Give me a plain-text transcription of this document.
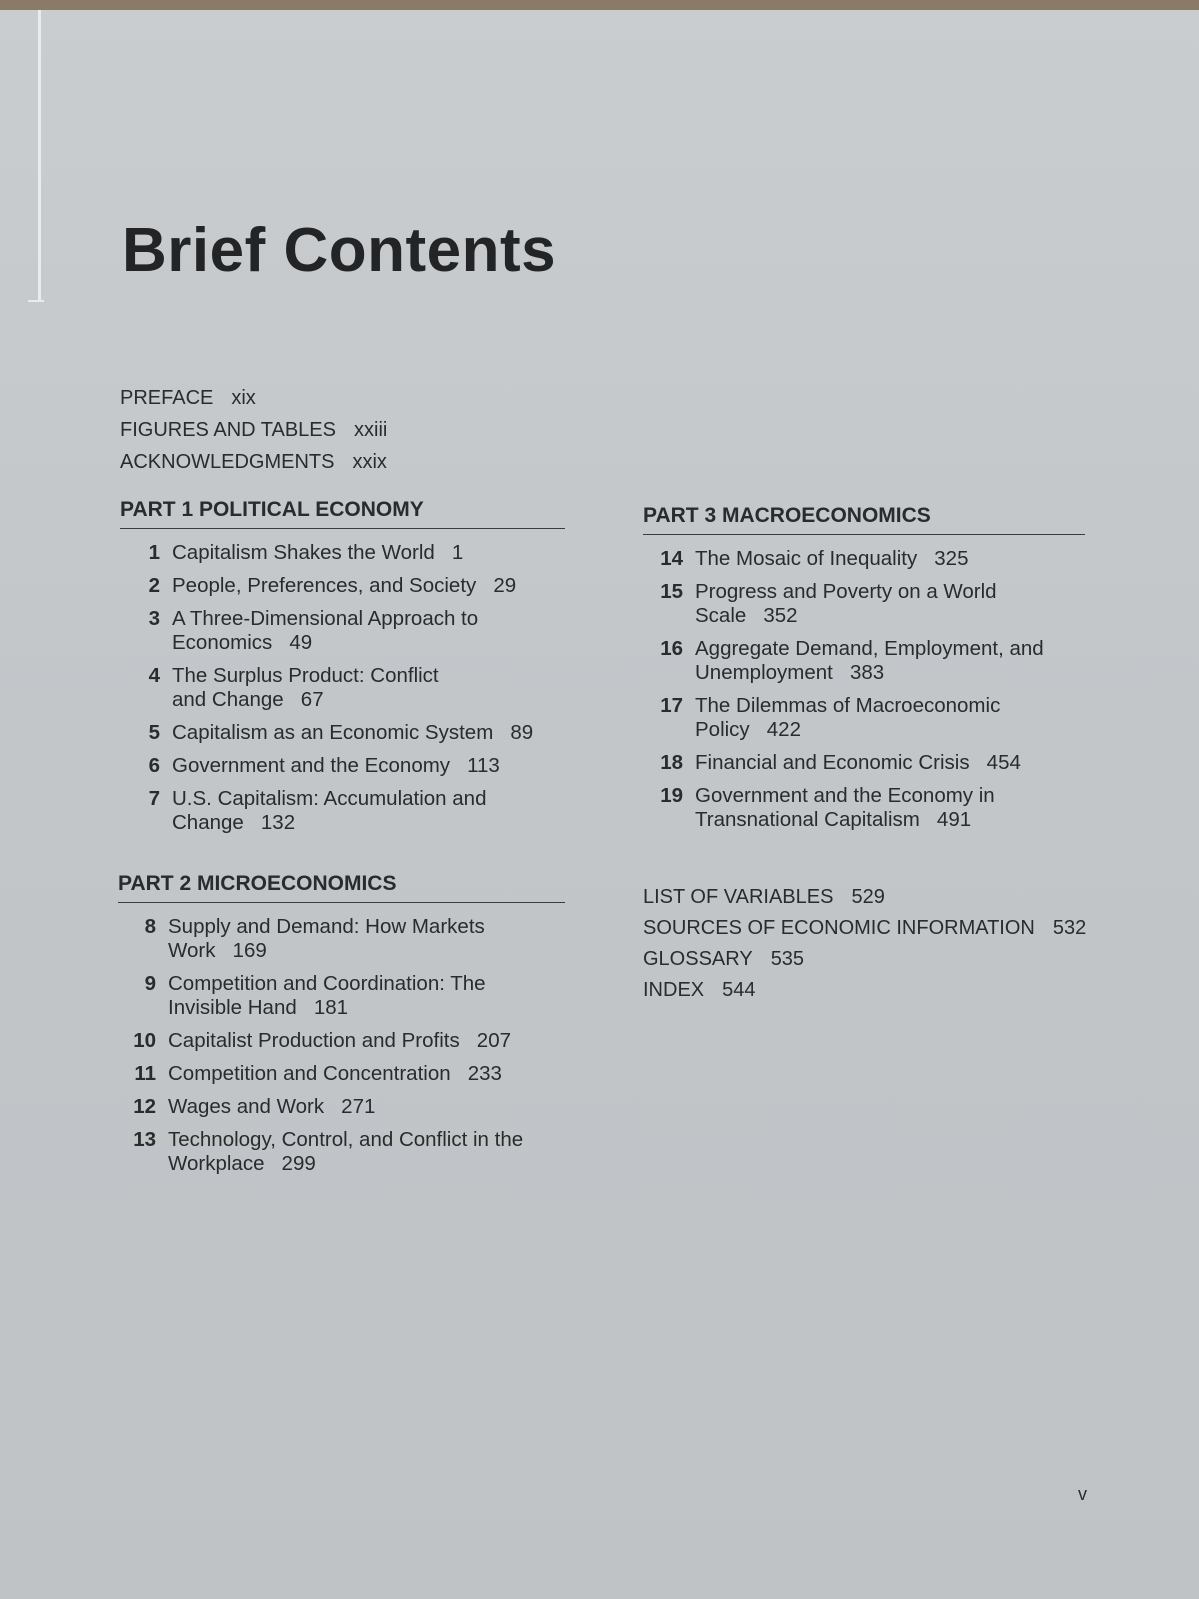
Brief Contents
PREFACE xix
FIGURES AND TABLES xxiii
ACKNOWLEDGMENTS xxix
PART 1 POLITICAL ECONOMY
1 Capitalism Shakes the World   1
2 People, Preferences, and Society   29
3 A Three-Dimensional Approach to
Economics   49
4 The Surplus Product: Conflict
and Change   67
5 Capitalism as an Economic System   89
6 Government and the Economy   113
7 U.S. Capitalism: Accumulation and
Change   132
PART 2 MICROECONOMICS
8 Supply and Demand: How Markets
Work   169
9 Competition and Coordination: The
Invisible Hand   181
10 Capitalist Production and Profits   207
11 Competition and Concentration   233
12 Wages and Work   271
13 Technology, Control, and Conflict in the
Workplace   299
PART 3 MACROECONOMICS
14 The Mosaic of Inequality   325
15 Progress and Poverty on a World
Scale   352
16 Aggregate Demand, Employment, and
Unemployment   383
17 The Dilemmas of Macroeconomic
Policy   422
18 Financial and Economic Crisis   454
19 Government and the Economy in
Transnational Capitalism   491
LIST OF VARIABLES 529
SOURCES OF ECONOMIC INFORMATION 532
GLOSSARY 535
INDEX 544
v
